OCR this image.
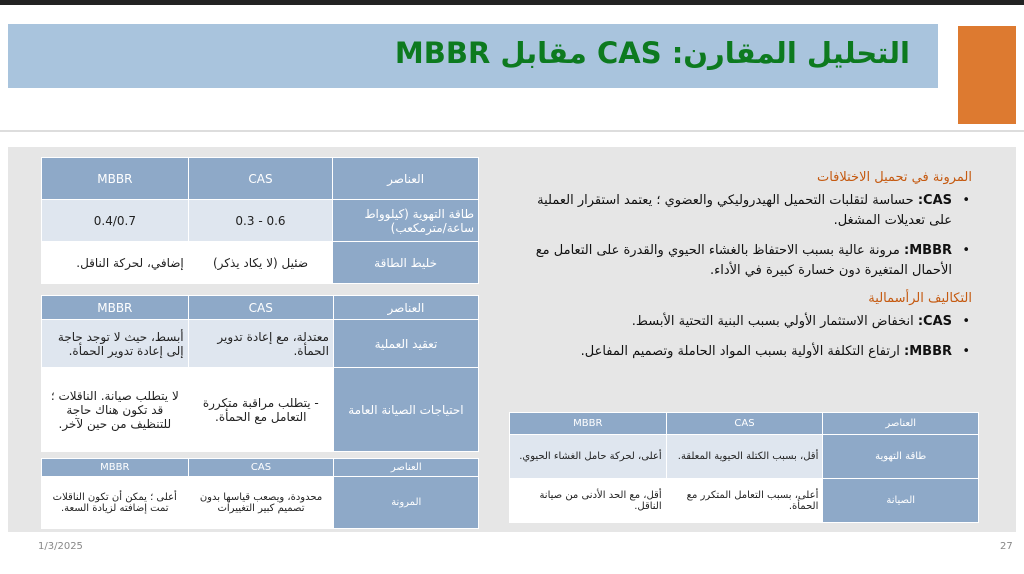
التحليل المقارن: CAS مقابل MBBR
العناصر	CAS	MBBR
طاقة التهوية (كيلوواط ساعة/مترمكعب)	0.6 - 0.3	0.4/0.7
خليط الطاقة	ضئيل (لا يكاد يذكر)	إضافي، لحركة الناقل.
العناصر	CAS	MBBR
تعقيد العملية	معتدلة، مع إعادة تدوير الحمأة.	أبسط، حيث لا توجد حاجة إلى إعادة تدوير الحمأة.
احتياجات الصيانة العامة	- يتطلب مراقبة متكررة التعامل مع الحمأة.	لا يتطلب صيانة. الناقلات ؛ قد تكون هناك حاجة للتنظيف من حين لآخر.
العناصر	CAS	MBBR
المرونة	محدودة، ويصعب قياسها بدون تصميم كبير التغييرات	أعلى ؛ يمكن أن تكون الناقلات تمت إضافته لزيادة السعة.
العناصر	CAS	MBBR
طاقة التهوية	أقل، بسبب الكتلة الحيوية المعلقة.	أعلى، لحركة حامل الغشاء الحيوي.
الصيانة	أعلى، بسبب التعامل المتكرر مع الحمأة.	أقل، مع الحد الأدنى من صيانة الناقل.
المرونة في تحميل الاختلافات
• CAS: حساسة لتقلبات التحميل الهيدروليكي والعضوي ؛ يعتمد استقرار العملية على تعديلات المشغل.
• MBBR: مرونة عالية بسبب الاحتفاظ بالغشاء الحيوي والقدرة على التعامل مع الأحمال المتغيرة دون خسارة كبيرة في الأداء.
التكاليف الرأسمالية
• CAS: انخفاض الاستثمار الأولي بسبب البنية التحتية الأبسط.
• MBBR: ارتفاع التكلفة الأولية بسبب المواد الحاملة وتصميم المفاعل.
1/3/2025	27
